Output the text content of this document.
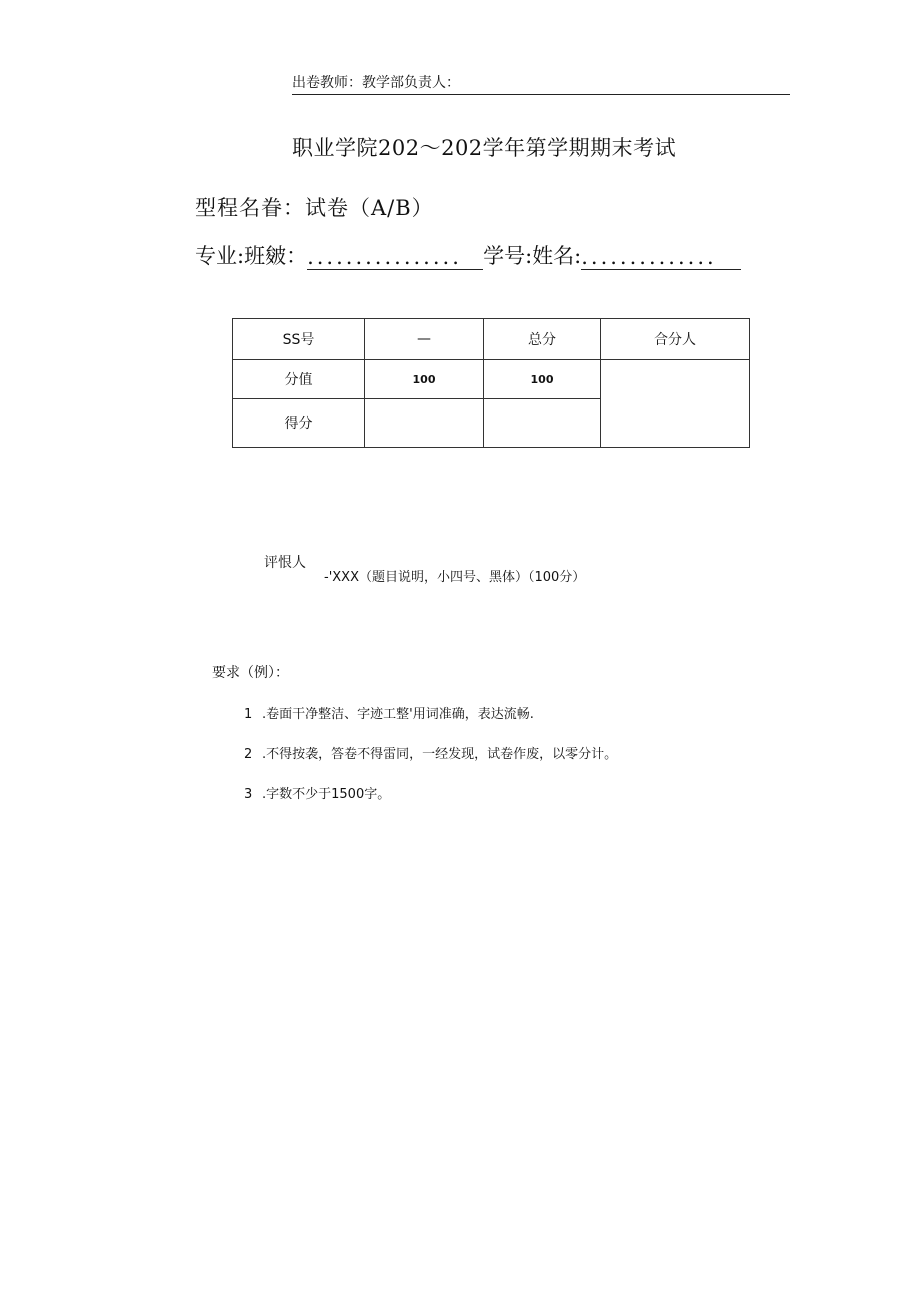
出卷教师：教学部负责人：
职业学院202～202学年第学期期末考试
型程名眷：试卷（A/B）
专业:班皴：................ 学号:姓名:..............
SS号	—	总分	合分人
分值	100	100	
得分			
评恨人
-'XXX（题目说明，小四号、黑体）（100分）
要求（例）：
1 .卷面干净整洁、字迹工整'用词准确，表达流畅.
2 .不得按袭，答卷不得雷同，一经发现，试卷作废，以零分计。
3 .字数不少于1500字。
